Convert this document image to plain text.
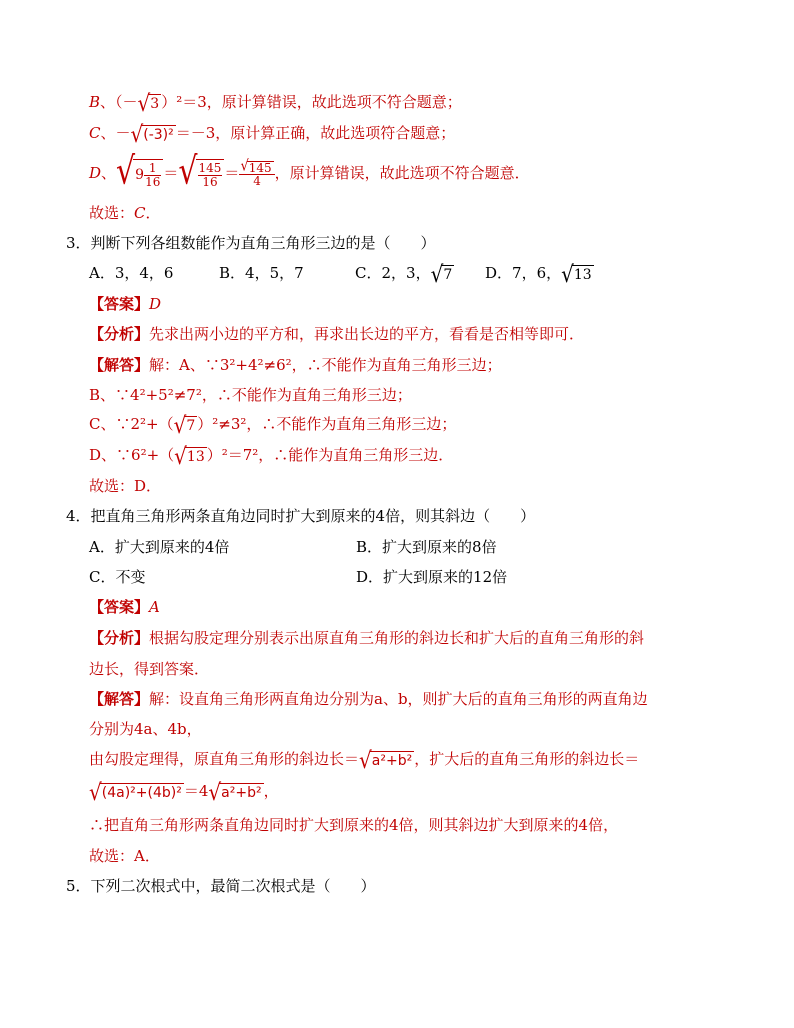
B、（－√3 ）²＝3，原计算错误，故此选项不符合题意；
C、－√(-3)² ＝－3，原计算正确，故此选项符合题意；
D、$√9 \frac{1}{16}$ ＝√ $\frac{145}{16} = \frac{√145}{4}$ ，原计算错误，故此选项不符合题意．
故选：C．
3．判断下列各组数能作为直角三角形三边的是（　　）
A．3，4，6	B．4，5，7	C．2，3，√7 D．7，6，√13
【答案】D
【分析】先求出两小边的平方和，再求出长边的平方，看看是否相等即可．
【解答】解：A、∵3²+4²≠6²，∴不能作为直角三角形三边；
B、∵4²+5²≠7²，∴不能作为直角三角形三边；
C、∵2²+（√7 ）²≠3²，∴不能作为直角三角形三边；
D、∵6²+（√13 ）²＝7²，∴能作为直角三角形三边．
故选：D．
4．把直角三角形两条直角边同时扩大到原来的4倍，则其斜边（　　）
A．扩大到原来的4倍	B．扩大到原来的8倍
C．不变	D．扩大到原来的12倍
【答案】A
【分析】根据勾股定理分别表示出原直角三角形的斜边长和扩大后的直角三角形的斜
边长，得到答案．
【解答】解：设直角三角形两直角边分别为a、b，则扩大后的直角三角形的两直角边
分别为4a、4b，
由勾股定理得，原直角三角形的斜边长＝√a²+b² ，扩大后的直角三角形的斜边长＝
√(4a)²+(4b)² ＝4√a²+b² ，
∴把直角三角形两条直角边同时扩大到原来的4倍，则其斜边扩大到原来的4倍，
故选：A．
5．下列二次根式中，最简二次根式是（　　）
